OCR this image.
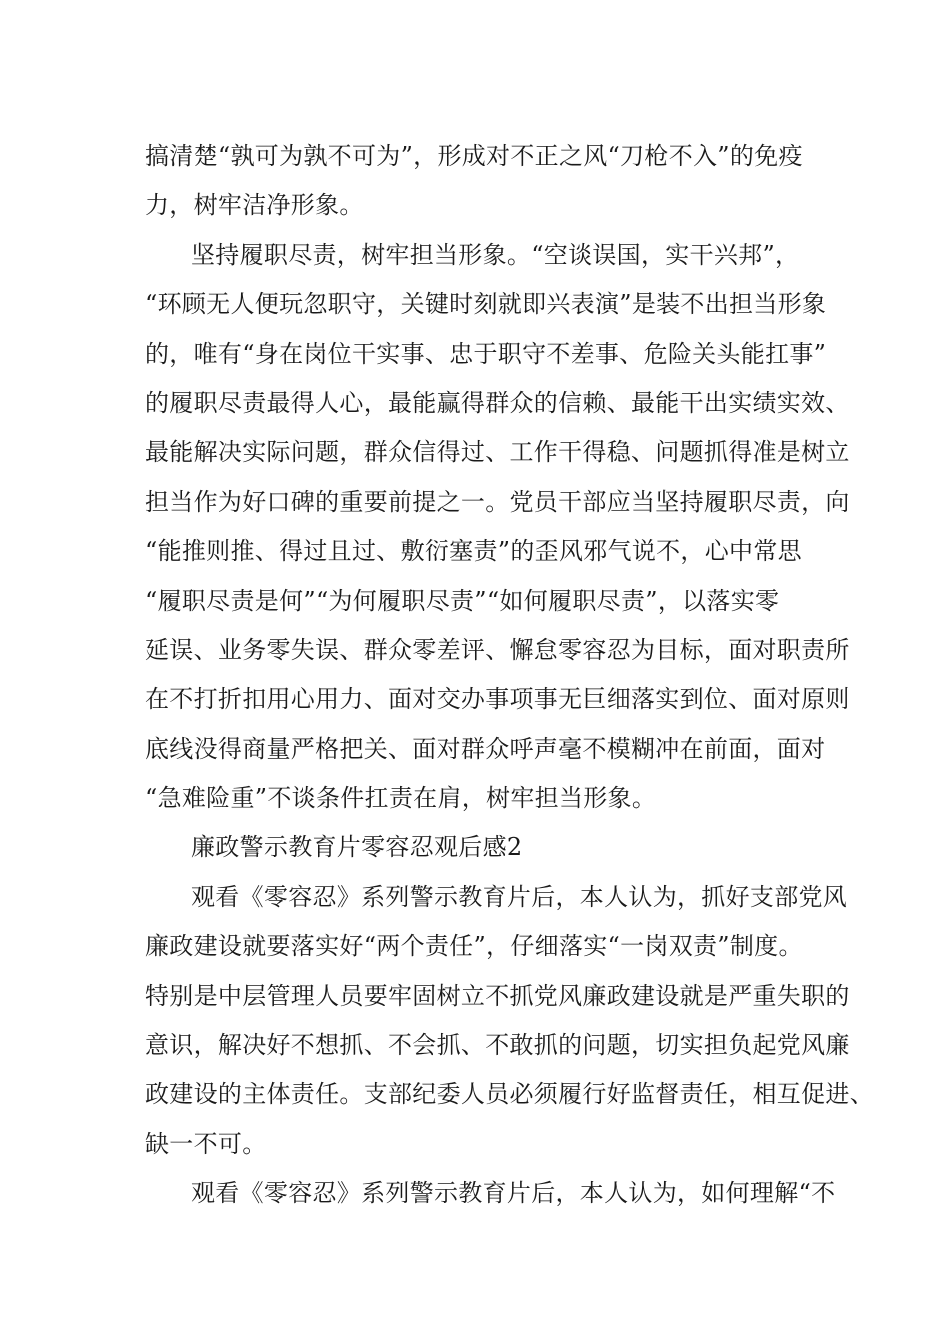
搞清楚“孰可为孰不可为”，形成对不正之风“刀枪不入”的免疫
力，树牢洁净形象。
坚持履职尽责，树牢担当形象。“空谈误国，实干兴邦”，
“环顾无人便玩忽职守，关键时刻就即兴表演”是装不出担当形象
的，唯有“身在岗位干实事、忠于职守不差事、危险关头能扛事”
的履职尽责最得人心，最能赢得群众的信赖、最能干出实绩实效、
最能解决实际问题，群众信得过、工作干得稳、问题抓得准是树立
担当作为好口碑的重要前提之一。党员干部应当坚持履职尽责，向
“能推则推、得过且过、敷衍塞责”的歪风邪气说不，心中常思
“履职尽责是何”“为何履职尽责”“如何履职尽责”，以落实零
延误、业务零失误、群众零差评、懈怠零容忍为目标，面对职责所
在不打折扣用心用力、面对交办事项事无巨细落实到位、面对原则
底线没得商量严格把关、面对群众呼声毫不模糊冲在前面，面对
“急难险重”不谈条件扛责在肩，树牢担当形象。
廉政警示教育片零容忍观后感2
观看《零容忍》系列警示教育片后，本人认为，抓好支部党风
廉政建设就要落实好“两个责任”，仔细落实“一岗双责”制度。
特别是中层管理人员要牢固树立不抓党风廉政建设就是严重失职的
意识，解决好不想抓、不会抓、不敢抓的问题，切实担负起党风廉
政建设的主体责任。支部纪委人员必须履行好监督责任，相互促进、
缺一不可。
观看《零容忍》系列警示教育片后，本人认为，如何理解“不
